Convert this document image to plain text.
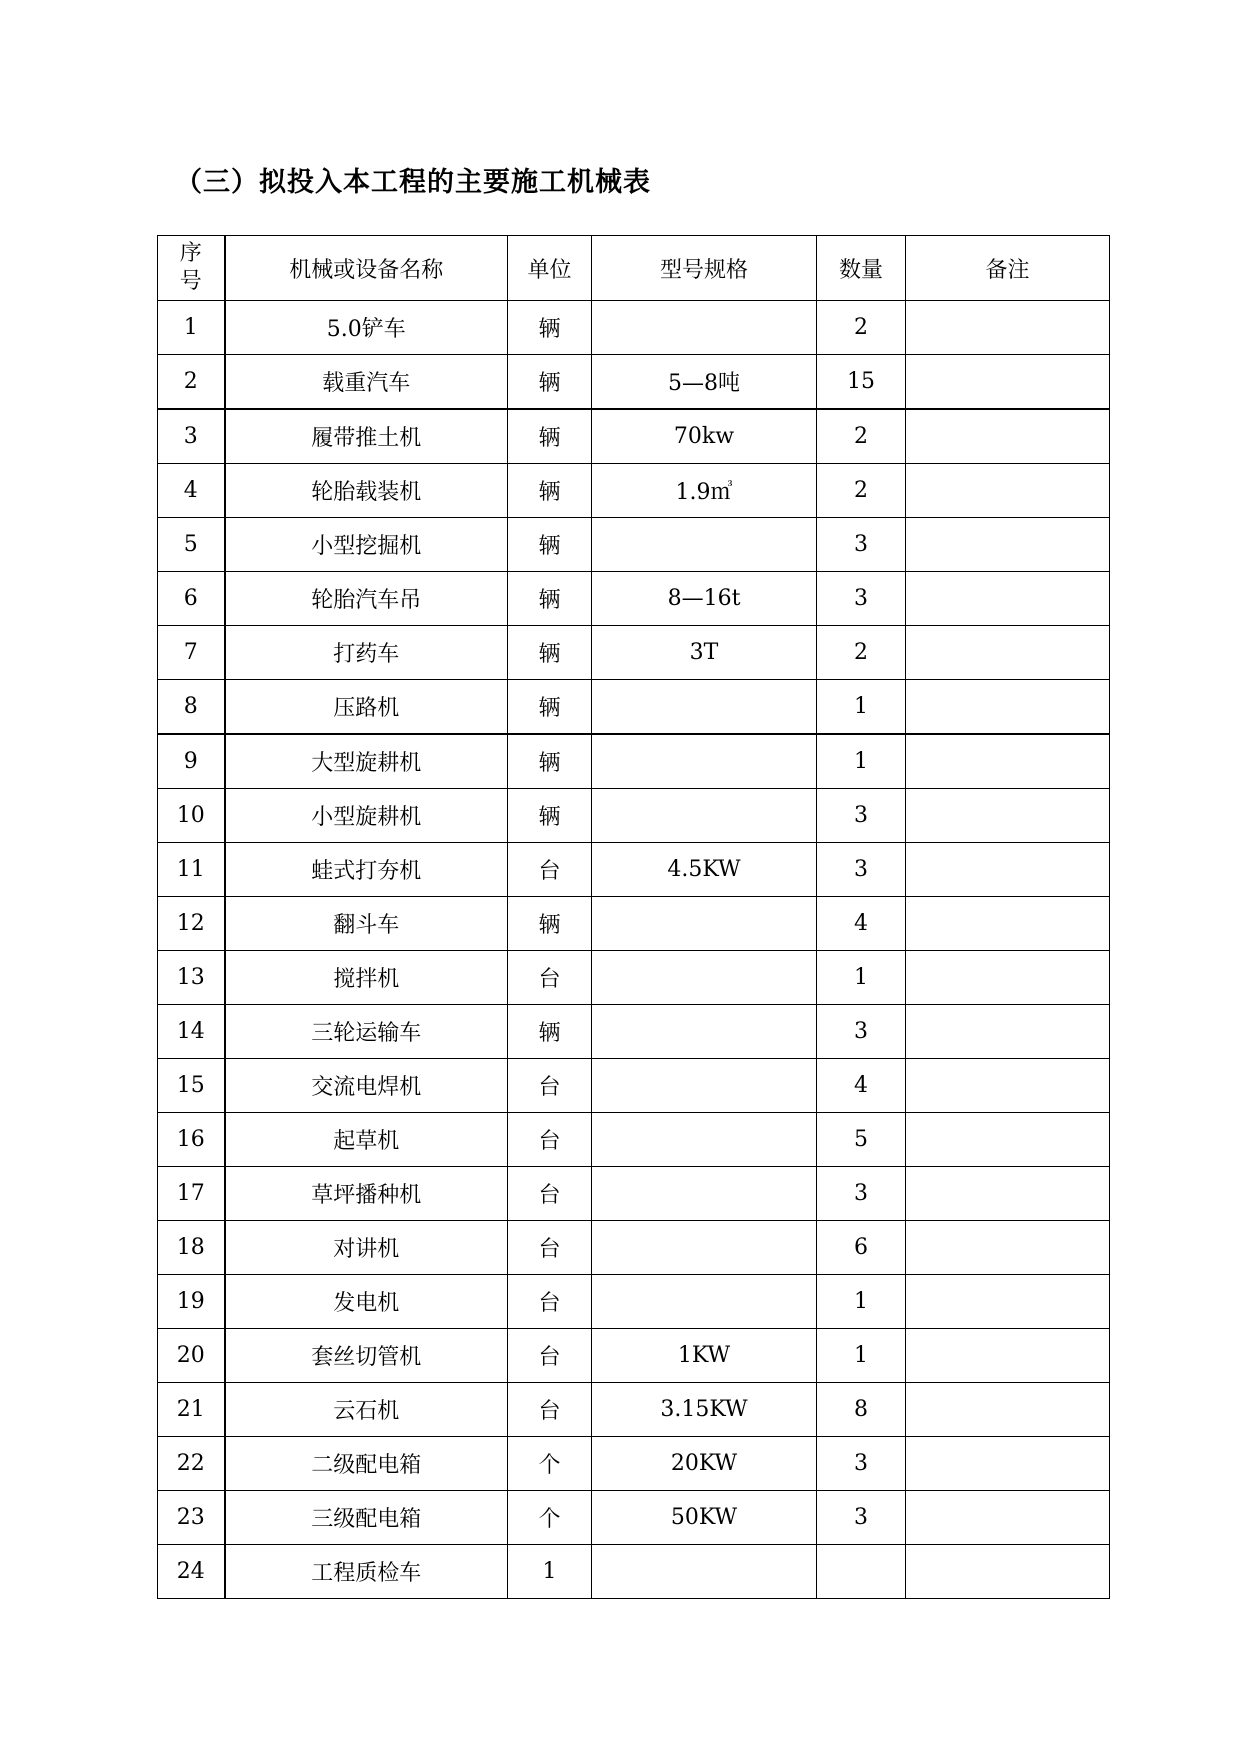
（三）拟投入本工程的主要施工机械表
序
号	机械或设备名称	单位	型号规格	数量	备注
1	5.0铲车	辆		2	
2	载重汽车	辆	5—8吨	15	
3	履带推土机	辆	70kw	2	
4	轮胎载装机	辆	1.9㎥	2	
5	小型挖掘机	辆		3	
6	轮胎汽车吊	辆	8—16t	3	
7	打药车	辆	3T	2	
8	压路机	辆		1	
9	大型旋耕机	辆		1	
10	小型旋耕机	辆		3	
11	蛙式打夯机	台	4.5KW	3	
12	翻斗车	辆		4	
13	搅拌机	台		1	
14	三轮运输车	辆		3	
15	交流电焊机	台		4	
16	起草机	台		5	
17	草坪播种机	台		3	
18	对讲机	台		6	
19	发电机	台		1	
20	套丝切管机	台	1KW	1	
21	云石机	台	3.15KW	8	
22	二级配电箱	个	20KW	3	
23	三级配电箱	个	50KW	3	
24	工程质检车	1			
